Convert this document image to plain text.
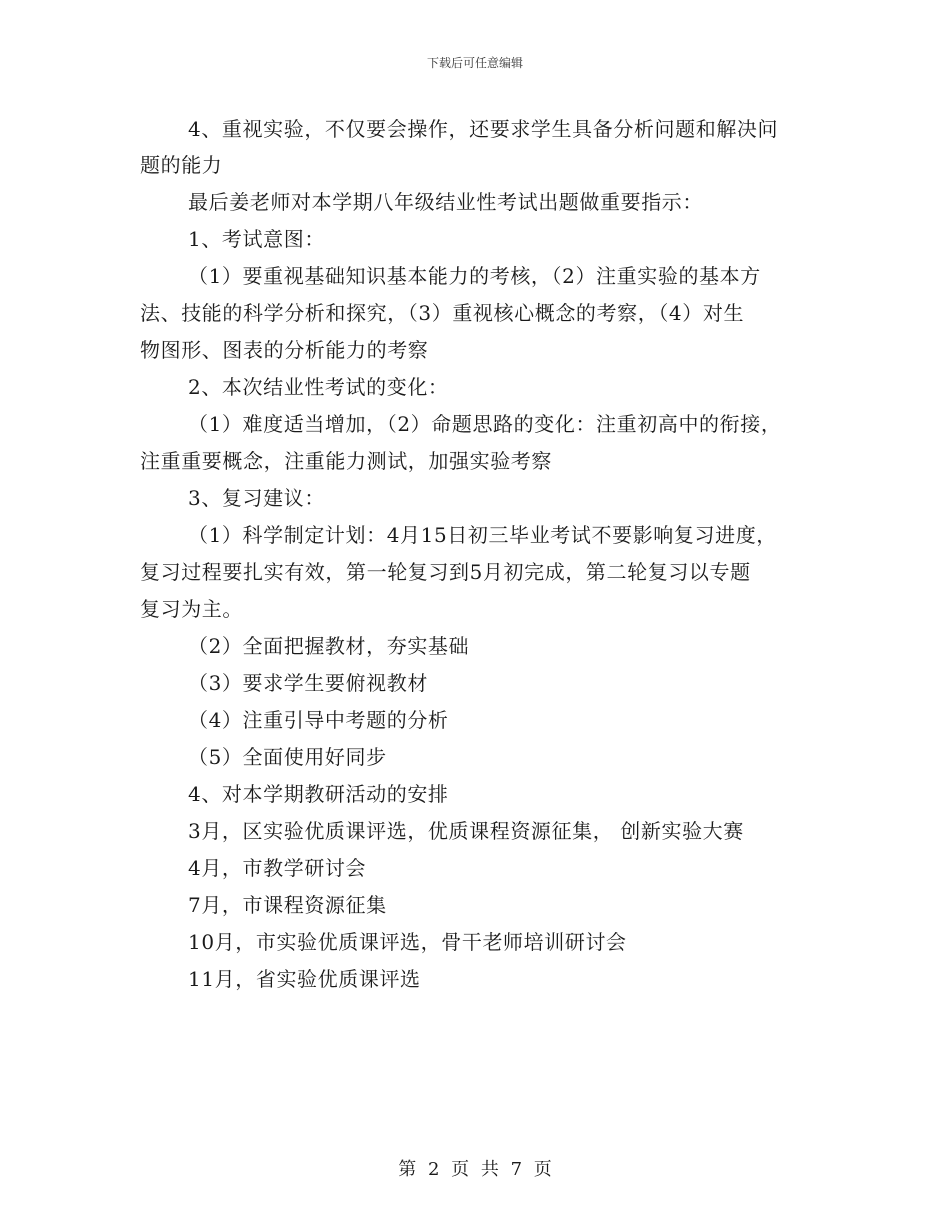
下载后可任意编辑
4、重视实验，不仅要会操作，还要求学生具备分析问题和解决问
题的能力
最后姜老师对本学期八年级结业性考试出题做重要指示：
1、考试意图：
（1）要重视基础知识基本能力的考核，（2）注重实验的基本方
法、技能的科学分析和探究，（3）重视核心概念的考察，（4）对生
物图形、图表的分析能力的考察
2、本次结业性考试的变化：
（1）难度适当增加，（2）命题思路的变化：注重初高中的衔接，
注重重要概念，注重能力测试，加强实验考察
3、复习建议：
（1）科学制定计划：4月15日初三毕业考试不要影响复习进度，
复习过程要扎实有效，第一轮复习到5月初完成，第二轮复习以专题
复习为主。
（2）全面把握教材，夯实基础
（3）要求学生要俯视教材
（4）注重引导中考题的分析
（5）全面使用好同步
4、对本学期教研活动的安排
3月，区实验优质课评选，优质课程资源征集， 创新实验大赛
4月，市教学研讨会
7月，市课程资源征集
10月，市实验优质课评选，骨干老师培训研讨会
11月，省实验优质课评选
第 2 页 共 7 页
